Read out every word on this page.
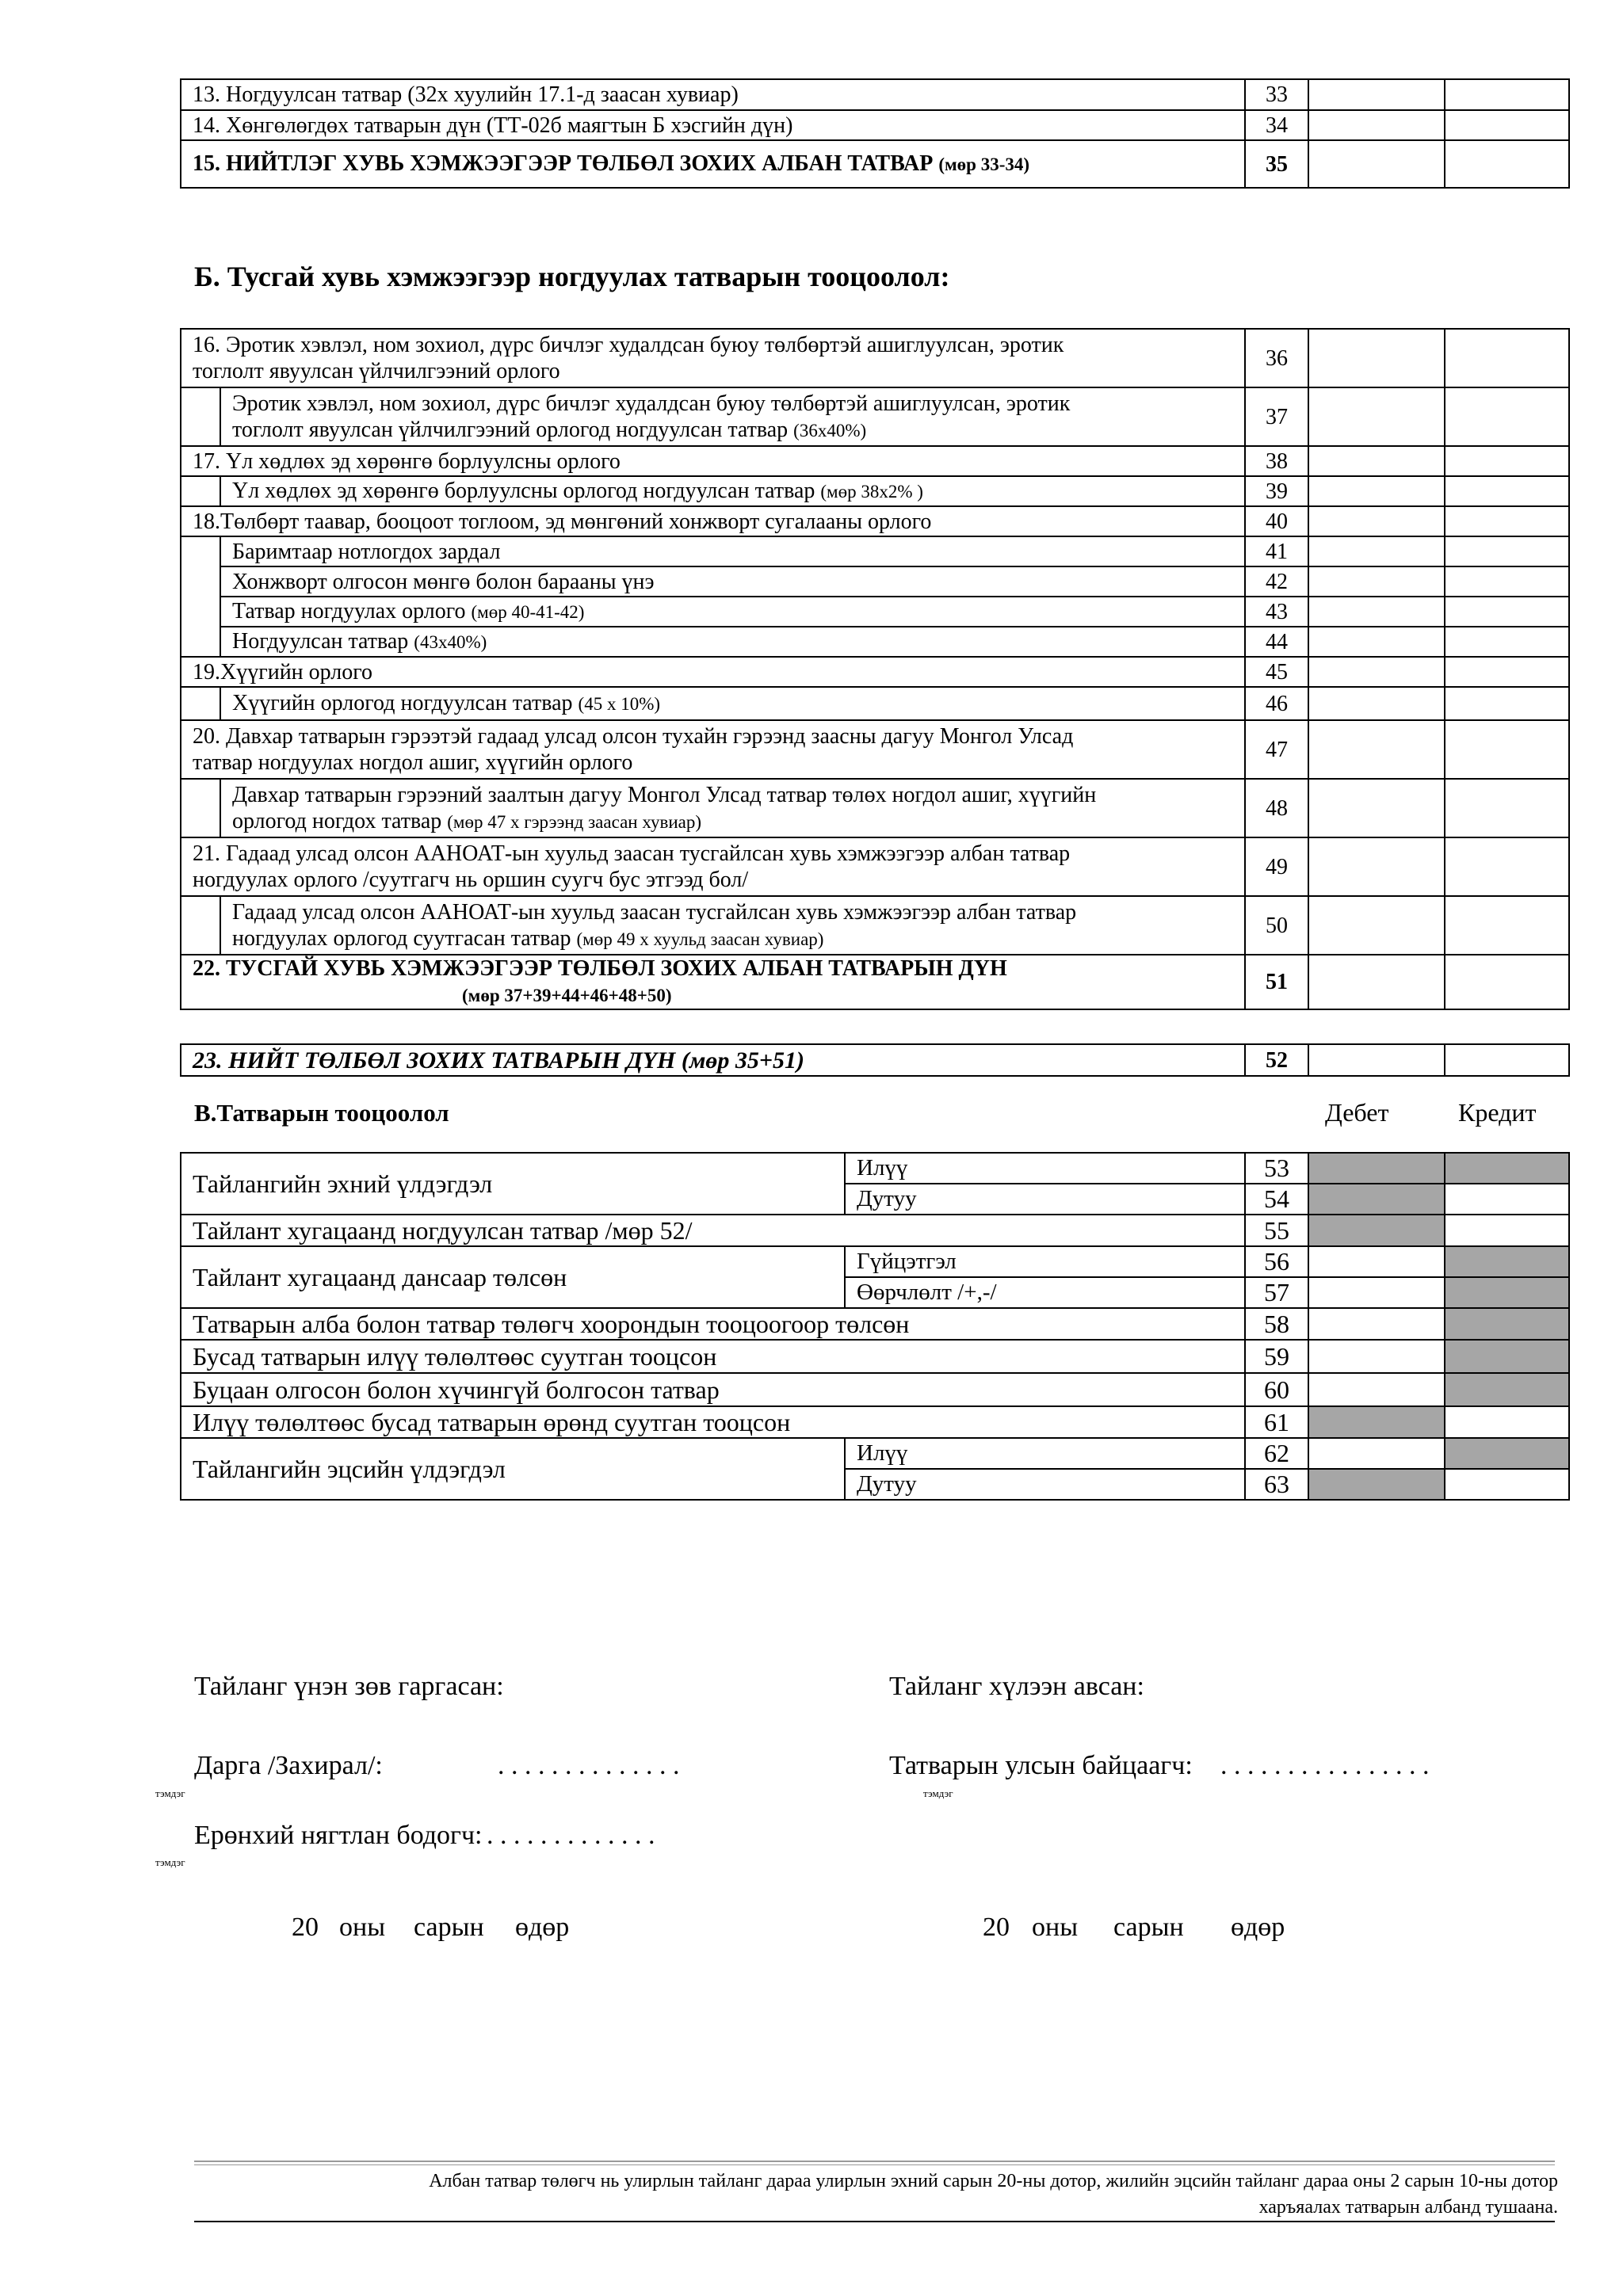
13. Ногдуулсан татвар (32х хуулийн 17.1-д заасан хувиар)	33		
14. Хөнгөлөгдөх татварын дүн (ТТ-02б маягтын Б хэсгийн дүн)	34		
15. НИЙТЛЭГ ХУВЬ ХЭМЖЭЭГЭЭР ТӨЛБӨЛ ЗОХИХ АЛБАН ТАТВАР (мөр 33-34)	35		
Б. Тусгай хувь хэмжээгээр ногдуулах татварын тооцоолол:
16. Эротик хэвлэл, ном зохиол, дүрс бичлэг худалдсан буюу төлбөртэй ашиглуулсан, эротик
тоглолт явуулсан үйлчилгээний орлого		36		
	Эротик хэвлэл, ном зохиол, дүрс бичлэг худалдсан буюу төлбөртэй ашиглуулсан, эротик
тоглолт явуулсан үйлчилгээний орлогод ногдуулсан татвар (36х40%)	37		
17. Үл хөдлөх эд хөрөнгө борлуулсны орлого		38		
	Үл хөдлөх эд хөрөнгө борлуулсны орлогод ногдуулсан татвар (мөр 38х2% )	39		
18.Төлбөрт таавар, бооцоот тоглоом, эд мөнгөний хонжворт сугалааны орлого		40		
	Баримтаар нотлогдох зардал	41		
	Хонжворт олгосон мөнгө болон барааны үнэ	42		
	Татвар ногдуулах орлого (мөр 40-41-42)	43		
	Ногдуулсан татвар (43х40%)	44		
19.Хүүгийн орлого		45		
	Хүүгийн орлогод ногдуулсан татвар (45 х 10%)	46		
20. Давхар татварын гэрээтэй гадаад улсад олсон тухайн гэрээнд заасны дагуу Монгол Улсад
татвар ногдуулах ногдол ашиг, хүүгийн орлого		47		
	Давхар татварын гэрээний заалтын дагуу Монгол Улсад татвар төлөх ногдол ашиг, хүүгийн
орлогод ногдох татвар (мөр 47 х гэрээнд заасан хувиар)	48		
21. Гадаад улсад олсон ААНОАТ-ын хуульд заасан тусгайлсан хувь хэмжээгээр албан татвар
ногдуулах орлого /суутгагч нь оршин суугч бус этгээд бол/		49		
	Гадаад улсад олсон ААНОАТ-ын хуульд заасан тусгайлсан хувь хэмжээгээр албан татвар
ногдуулах орлогод суутгасан татвар (мөр 49 х хуульд заасан хувиар)	50		
22. ТУСГАЙ ХУВЬ ХЭМЖЭЭГЭЭР ТӨЛБӨЛ ЗОХИХ АЛБАН ТАТВАРЫН ДҮН
(мөр 37+39+44+46+48+50)		51		
23. НИЙТ ТӨЛБӨЛ ЗОХИХ ТАТВАРЫН ДҮН (мөр 35+51)	52		
В.Татварын тооцоолол	Дебет	Кредит
Тайлангийн эхний үлдэгдэл	Илүү	53		
	Дутуу	54		
Тайлант хугацаанд ногдуулсан татвар /мөр 52/		55		
Тайлант хугацаанд дансаар төлсөн	Гүйцэтгэл	56		
	Өөрчлөлт /+,-/	57		
Татварын алба болон татвар төлөгч хоорондын тооцоогоор төлсөн		58		
Бусад татварын илүү төлөлтөөс суутган тооцсон		59		
Буцаан олгосон болон хүчингүй болгосон татвар		60		
Илүү төлөлтөөс бусад татварын өрөнд суутган тооцсон		61		
Тайлангийн эцсийн үлдэгдэл	Илүү	62		
	Дутуу	63		
Тайланг үнэн зөв гаргасан:	Тайланг хүлээн авсан:
Дарга /Захирал/:	. . . . . . . . . . . . . .	Татварын улсын байцаагч: . . . . . . . . . . . . . . . .
тэмдэг	тэмдэг
Ерөнхий нягтлан бодогч: . . . . . . . . . . . . .
тэмдэг
20 оны сарын өдөр	20 оны сарын өдөр
Албан татвар төлөгч нь улирлын тайланг дараа улирлын эхний сарын 20-ны дотор, жилийн эцсийн тайланг дараа оны 2 сарын 10-ны дотор
харъяалах татварын албанд тушаана.
